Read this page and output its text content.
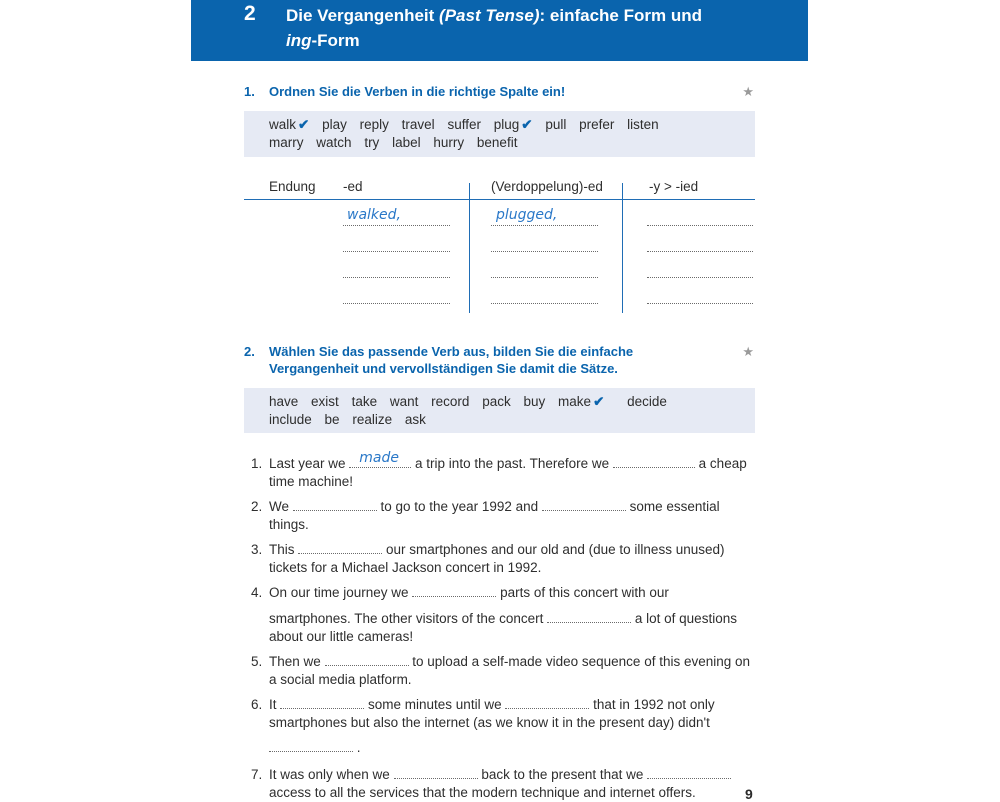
2 Die Vergangenheit (Past Tense): einfache Form und
ing-Form
1. Ordnen Sie die Verben in die richtige Spalte ein!	★
walk ✔ play reply travel suffer plug ✔ pull prefer listen
marry watch try label hurry benefit
Endung -ed	(Verdoppelung)-ed	-y > -ied
walked,	plugged,
2. Wählen Sie das passende Verb aus, bilden Sie die einfache
Vergangenheit und vervollständigen Sie damit die Sätze.
★
have exist take want record pack buy make ✔ decide
include be realize ask
1. Last year we made a trip into the past. Therefore we	a cheap
time machine!
2. We	to go to the year 1992 and	some essential
things.
3. This	our smartphones and our old and (due to illness unused)
tickets for a Michael Jackson concert in 1992.
4. On our time journey we	parts of this concert with our
smartphones. The other visitors of the concert	a lot of questions
about our little cameras!
5. Then we	to upload a self-made video sequence of this evening on
a social media platform.
6. It	some minutes until we	that in 1992 not only
smartphones but also the internet (as we know it in the present day) didn't
.
7. It was only when we	back to the present that we
access to all the services that the modern technique and internet offers.	9
